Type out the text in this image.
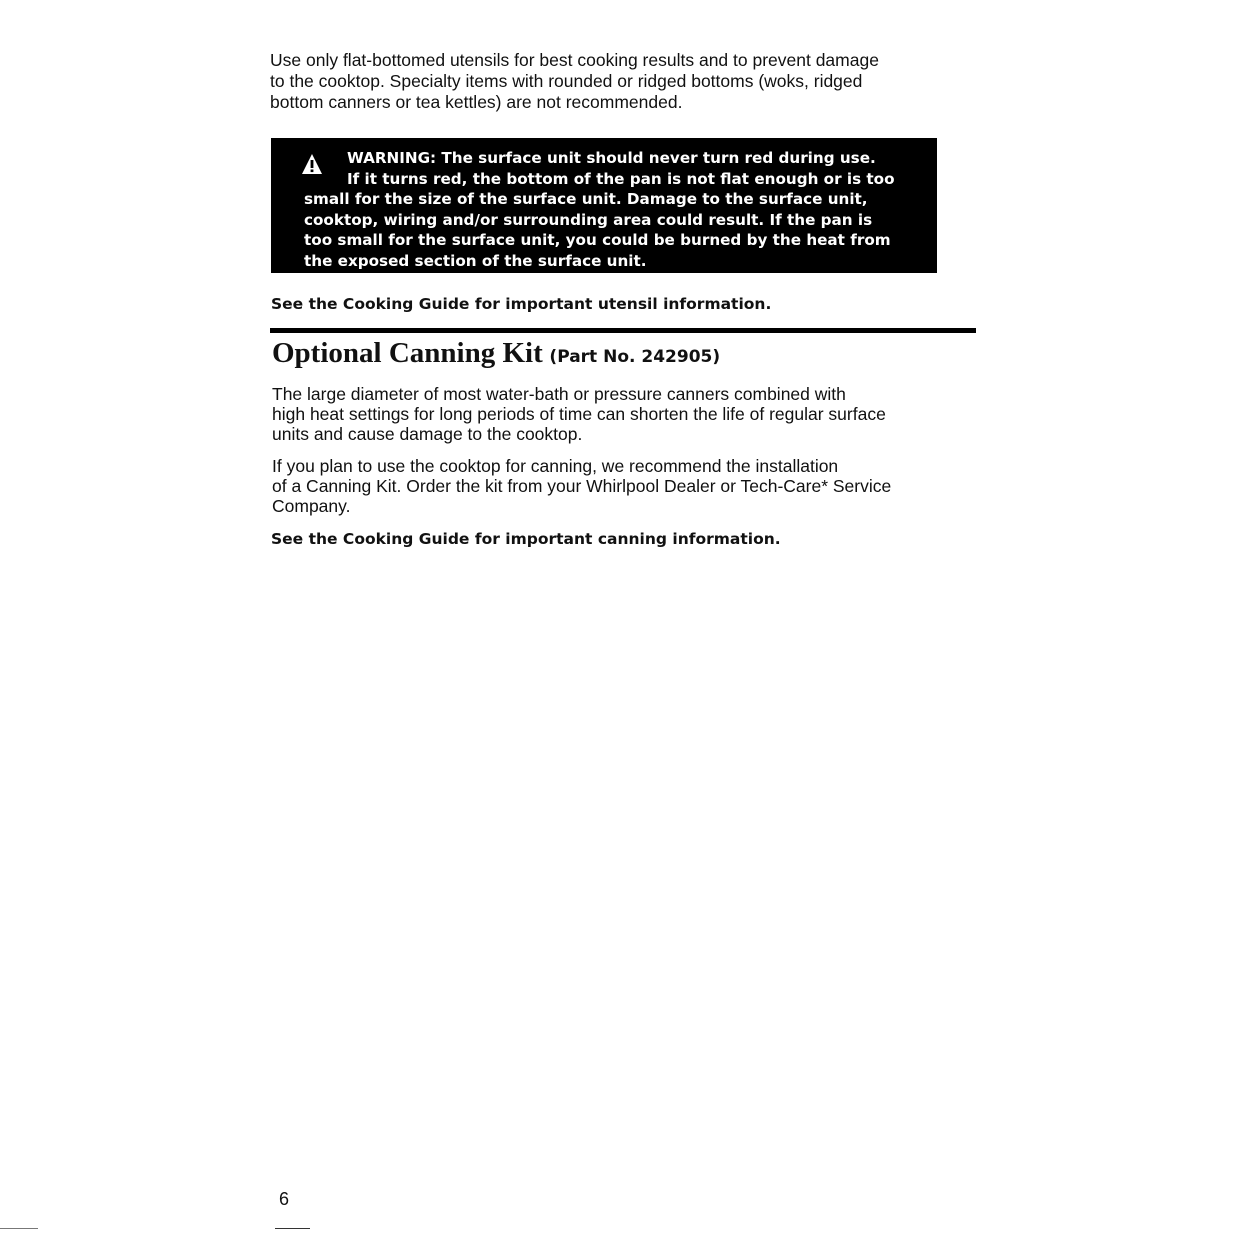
Use only flat-bottomed utensils for best cooking results and to prevent damage
to the cooktop. Specialty items with rounded or ridged bottoms (woks, ridged
bottom canners or tea kettles) are not recommended.

WARNING: The surface unit should never turn red during use.
If it turns red, the bottom of the pan is not flat enough or is too
small for the size of the surface unit. Damage to the surface unit,
cooktop, wiring and/or surrounding area could result. If the pan is
too small for the surface unit, you could be burned by the heat from
the exposed section of the surface unit.

See the Cooking Guide for important utensil information.

Optional Canning Kit (Part No. 242905)

The large diameter of most water-bath or pressure canners combined with
high heat settings for long periods of time can shorten the life of regular surface
units and cause damage to the cooktop.

If you plan to use the cooktop for canning, we recommend the installation
of a Canning Kit. Order the kit from your Whirlpool Dealer or Tech-Care* Service
Company.

See the Cooking Guide for important canning information.

6
